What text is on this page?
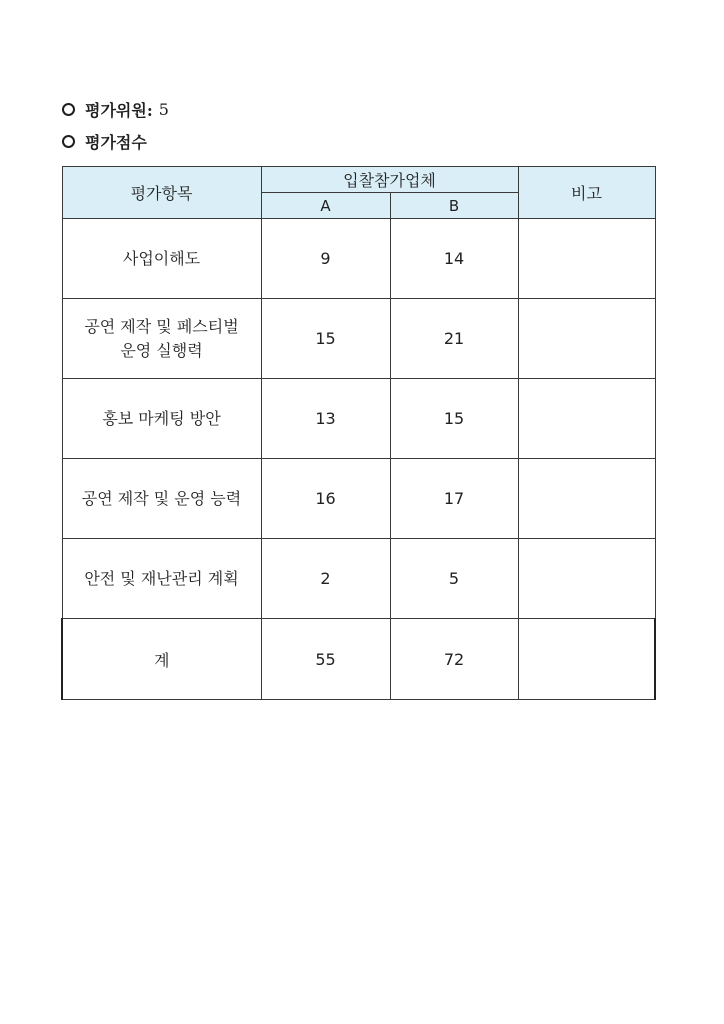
평가위원: 5
평가점수
평가항목	입찰참가업체		비고
	A	B	
사업이해도	9	14	
공연 제작 및 페스티벌
운영 실행력	15	21	
홍보 마케팅 방안	13	15	
공연 제작 및 운영 능력	16	17	
안전 및 재난관리 계획	2	5	
계	55	72	
